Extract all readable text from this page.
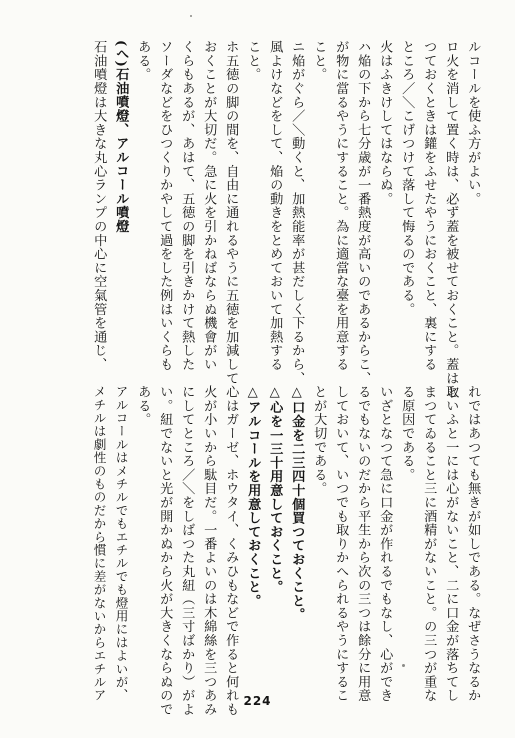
ルコールを使ふ方がよい。
ロ火を消して置く時は、必ず蓋を被せておくこと。蓋は取
つておくときは鑵をふせたやうにおくこと、裏にする
ところ／＼こげつけて落して悔るのである。
火はふきけしてはならぬ。
ハ焔の下から七分歳が一番熱度が高いのであるからこ、
が物に當るやうにすること。為に適當な臺を用意する
こと。
ニ焔がぐら／＼動くと、加熱能率が甚だしく下るから、
風よけなどをして、焔の動きをとめておいて加熱する
こと。
ホ五徳の脚の間を、自由に通れるやうに五徳を加減して
おくことが大切だ。急に火を引かねばならぬ機會がい
くらもあるが、あはて、五徳の脚を引きかけて熱した
ソーダなどをひつくりかやして過をした例はいくらも
ある。
(へ)石油噴燈、アルコール噴燈
石油噴燈は大きな丸心ランプの中心に空氣管を通じ、
れではあつても無きが如しである。なぜさうなるか
といふと一には心がないこと、二に口金が落ちてし
まつてゐること三に酒精がないこと。の三つが重な
る原因である。
いざとなつて急に口金が作れるでもなし、心ができ
るでもないのだから平生から次の三つは餘分に用意
しておいて、いつでも取りかへられるやうにするこ
とが大切である。
△口金を二三四十個買つておくこと。
△心を一三十用意しておくこと。
△アルコールを用意しておくこと。
心はガーゼ、ホウタイ、くみひもなどで作ると何れも
火が小いから駄目だ。一番よいのは木綿絲を三つあみ
にしてところ／＼をしばつた丸紐（三寸ばかり）がよ
い。紐でないと光が開かぬから火が大きくならぬので
ある。
アルコールはメチルでもエチルでも燈用にはよいが、
メチルは劇性のものだから慣に差がないからエチルア	224
